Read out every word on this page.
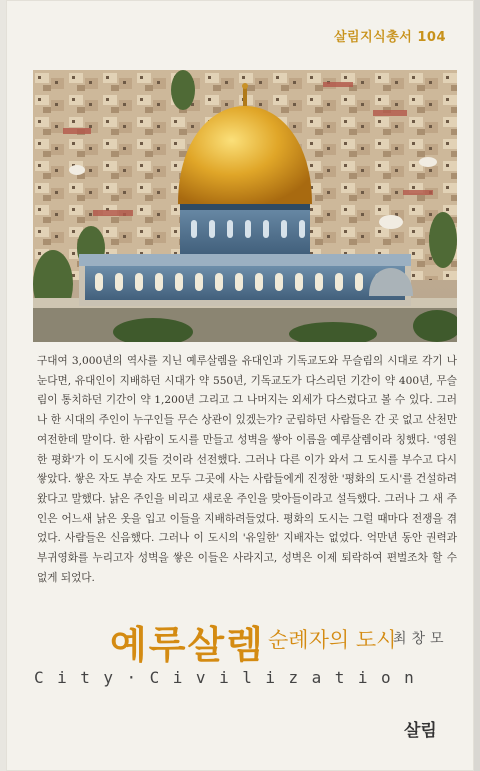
살림지식총서 104

구대여 3,000년의 역사를 지닌 예루살렘을 유대인과 기독교도와 무슬림의 시대로 각기 나눈다면, 유대인이 지배하던 시대가 약 550년, 기독교도가 다스리던 기간이 약 400년, 무슬림이 통치하던 기간이 약 1,200년 그리고 그 나머지는 외세가 다스렸다고 볼 수 있다. 그러나 한 시대의 주인이 누구인들 무슨 상관이 있겠는가? 군림하던 사람들은 간 곳 없고 산천만 여전한데 말이다. 한 사람이 도시를 만들고 성벽을 쌓아 이름을 예루살렘이라 칭했다. '영원한 평화'가 이 도시에 깃들 것이라 선전했다. 그러나 다른 이가 와서 그 도시를 부수고 다시 쌓았다. 쌓은 자도 부순 자도 모두 그곳에 사는 사람들에게 진정한 '평화의 도시'를 건설하려 왔다고 말했다. 낡은 주인을 비리고 새로운 주인을 맞아들이라고 설득했다. 그러나 그 새 주인은 어느새 낡은 옷을 입고 이들을 지배하려들었다. 평화의 도시는 그럴 때마다 전쟁을 겪었다. 사람들은 신음했다. 그러나 이 도시의 '유일한' 지배자는 없었다. 억만년 동안 권력과 부귀영화를 누리고자 성벽을 쌓은 이들은 사라지고, 성벽은 이제 퇴락하여 편벌조차 할 수 없게 되었다.

예루살렘 순례자의 도시
최창모
City·Civilization
살림
